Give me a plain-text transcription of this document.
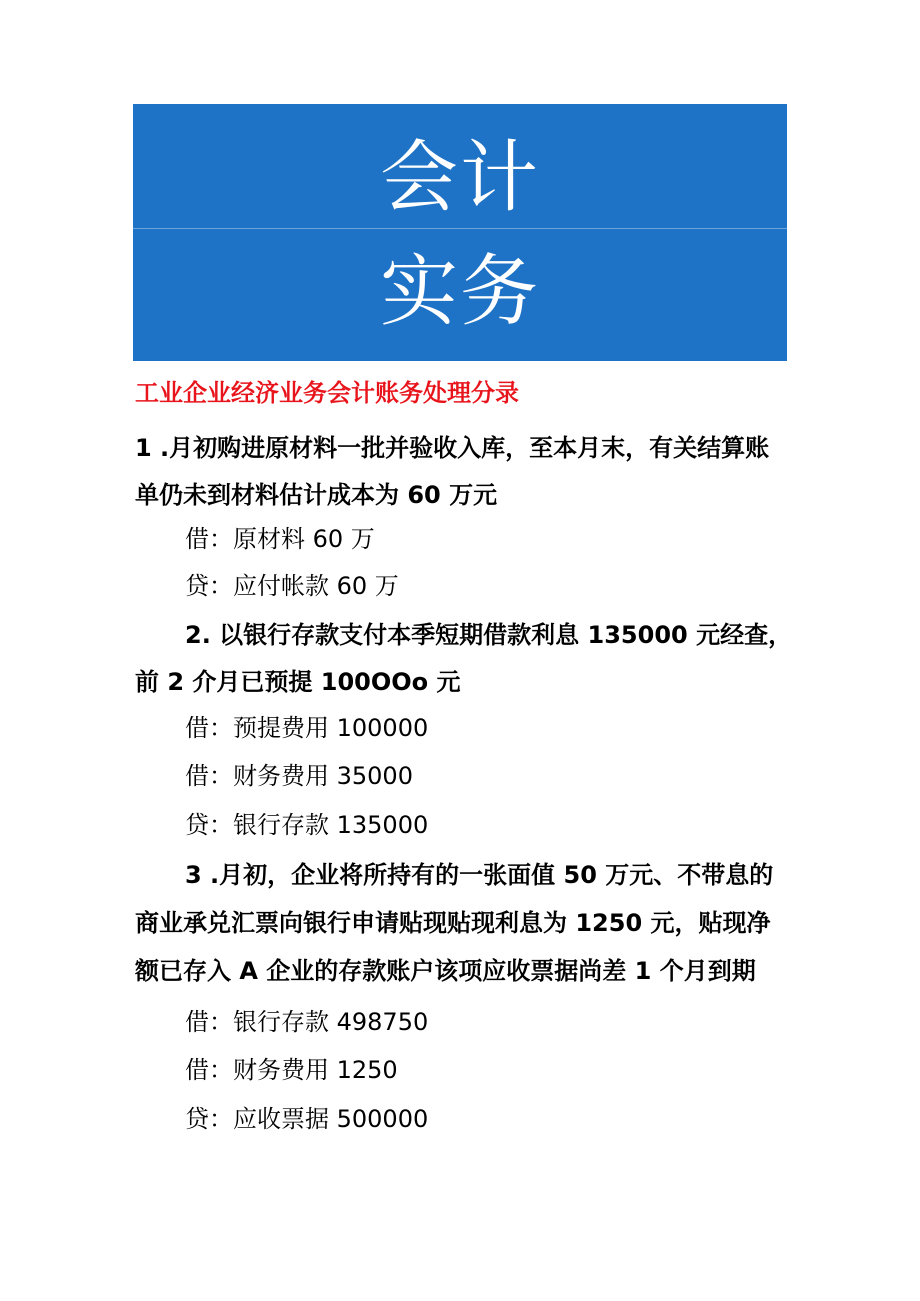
会计
实务
工业企业经济业务会计账务处理分录
1 .月初购进原材料一批并验收入库，至本月末，有关结算账
单仍未到材料估计成本为 60 万元
借：原材料 60 万
贷：应付帐款 60 万
2. 以银行存款支付本季短期借款利息 135000 元经查，
前 2 介月已预提 100OOo 元
借：预提费用 100000
借：财务费用 35000
贷：银行存款 135000
3 .月初，企业将所持有的一张面值 50 万元、不带息的
商业承兑汇票向银行申请贴现贴现利息为 1250 元，贴现净
额已存入 A 企业的存款账户该项应收票据尚差 1 个月到期
借：银行存款 498750
借：财务费用 1250
贷：应收票据 500000
